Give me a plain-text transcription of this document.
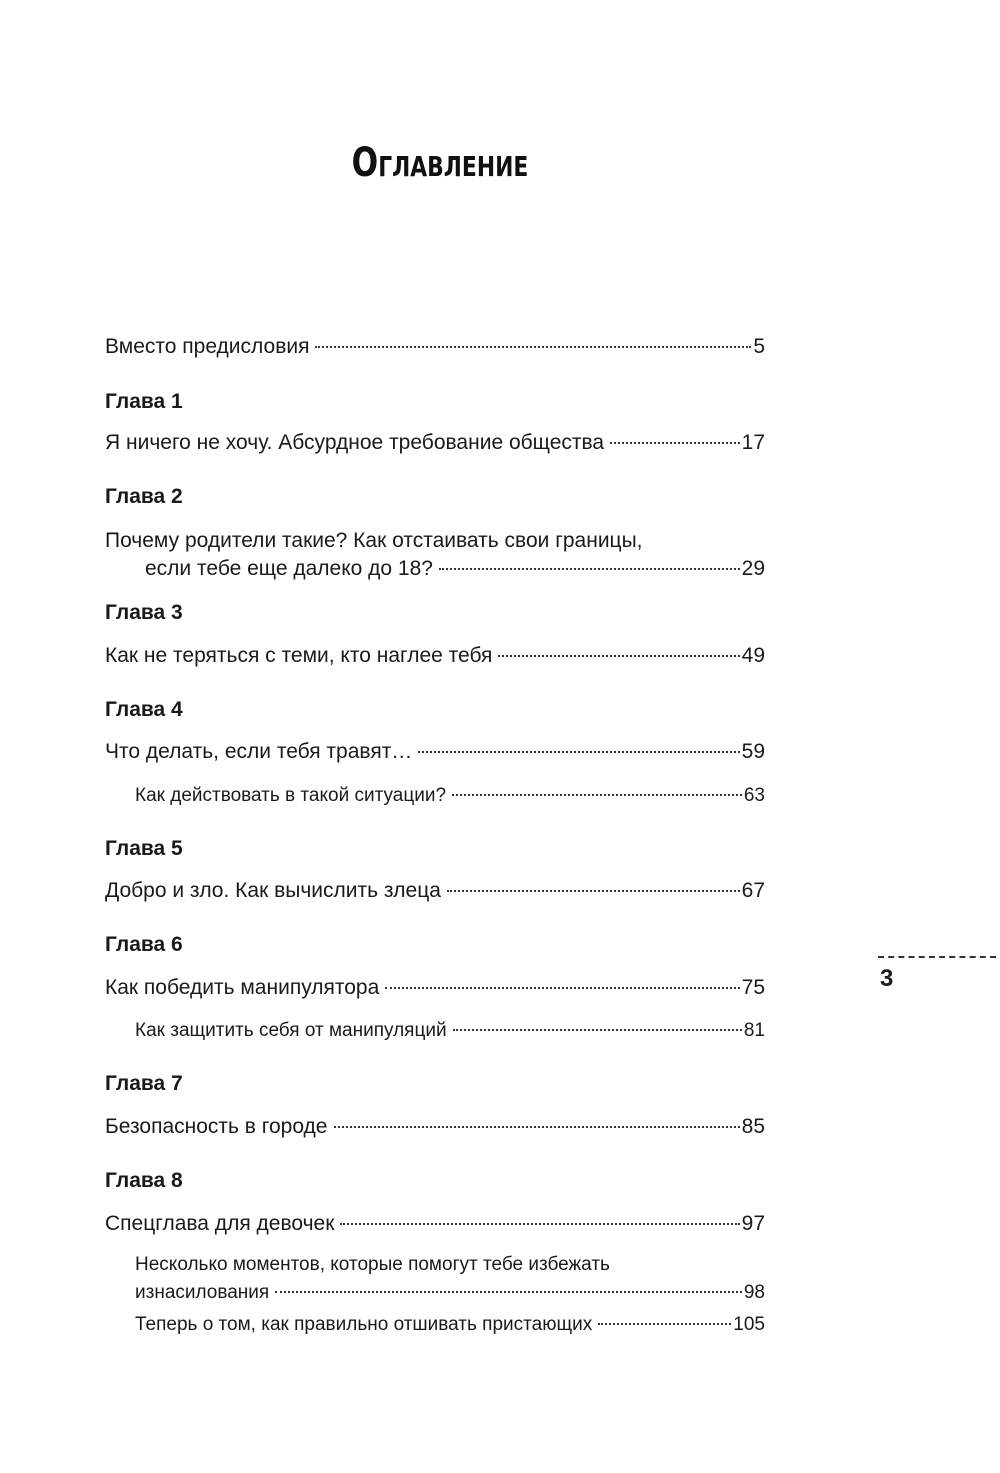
Оглавление
Вместо предисловия	5
Глава 1
Я ничего не хочу. Абсурдное требование общества	17
Глава 2
Почему родители такие? Как отстаивать свои границы,
если тебе еще далеко до 18?	29
Глава 3
Как не теряться с теми, кто наглее тебя	49
Глава 4
Что делать, если тебя травят…	59
Как действовать в такой ситуации?	63
Глава 5
Добро и зло. Как вычислить злеца	67
Глава 6
Как победить манипулятора	75
Как защитить себя от манипуляций	81
Глава 7
Безопасность в городе	85
Глава 8
Спецглава для девочек	97
Несколько моментов, которые помогут тебе избежать
изнасилования	98
Теперь о том, как правильно отшивать пристающих	105
3
